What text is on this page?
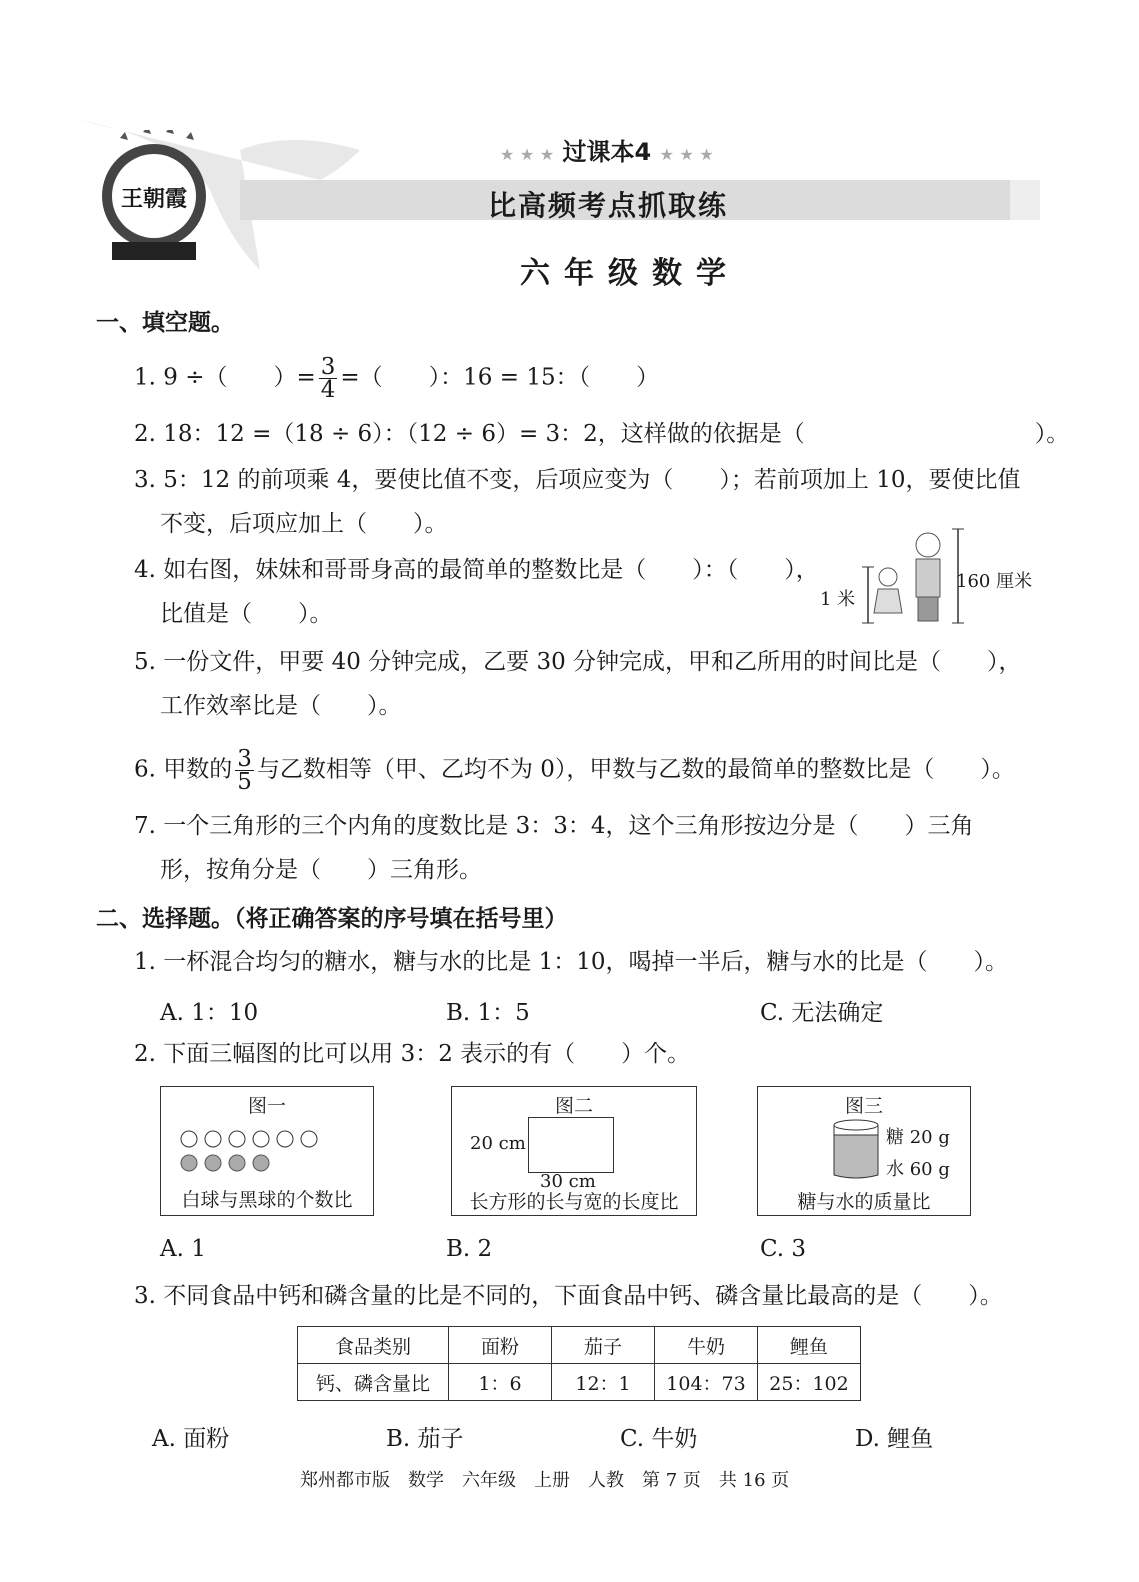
王朝霞
★ ★ ★ 过课本4 ★ ★ ★
比高频考点抓取练
六年级数学
一、填空题。
1. 9 ÷（　　）= $\frac{3}{4}$ =（　　）：16 = 15：（　　）
2. 18：12 =（18 ÷ 6）：（12 ÷ 6）= 3：2，这样做的依据是（　　　　　　　　　　）。
3. 5：12 的前项乘 4，要使比值不变，后项应变为（　　）；若前项加上 10，要使比值
不变，后项应加上（　　）。
4. 如右图，妹妹和哥哥身高的最简单的整数比是（　　）：（　　），
比值是（　　）。
1 米
160 厘米
5. 一份文件，甲要 40 分钟完成，乙要 30 分钟完成，甲和乙所用的时间比是（　　），
工作效率比是（　　）。
6. 甲数的 $\frac{3}{5}$ 与乙数相等（甲、乙均不为 0），甲数与乙数的最简单的整数比是（　　）。
7. 一个三角形的三个内角的度数比是 3：3：4，这个三角形按边分是（　　）三角
形，按角分是（　　）三角形。
二、选择题。（将正确答案的序号填在括号里）
1. 一杯混合均匀的糖水，糖与水的比是 1：10，喝掉一半后，糖与水的比是（　　）。
A. 1：10	B. 1：5	C. 无法确定
2. 下面三幅图的比可以用 3：2 表示的有（　　）个。
图一
白球与黑球的个数比
图二
20 cm
30 cm
长方形的长与宽的长度比
图三
糖 20 g
水 60 g
糖与水的质量比
A. 1	B. 2	C. 3
3. 不同食品中钙和磷含量的比是不同的，下面食品中钙、磷含量比最高的是（　　）。
食品类别	面粉	茄子	牛奶	鲤鱼
钙、磷含量比	1：6	12：1	104：73	25：102
A. 面粉	B. 茄子	C. 牛奶	D. 鲤鱼
郑州都市版　数学　六年级　上册　人教　第 7 页　共 16 页
